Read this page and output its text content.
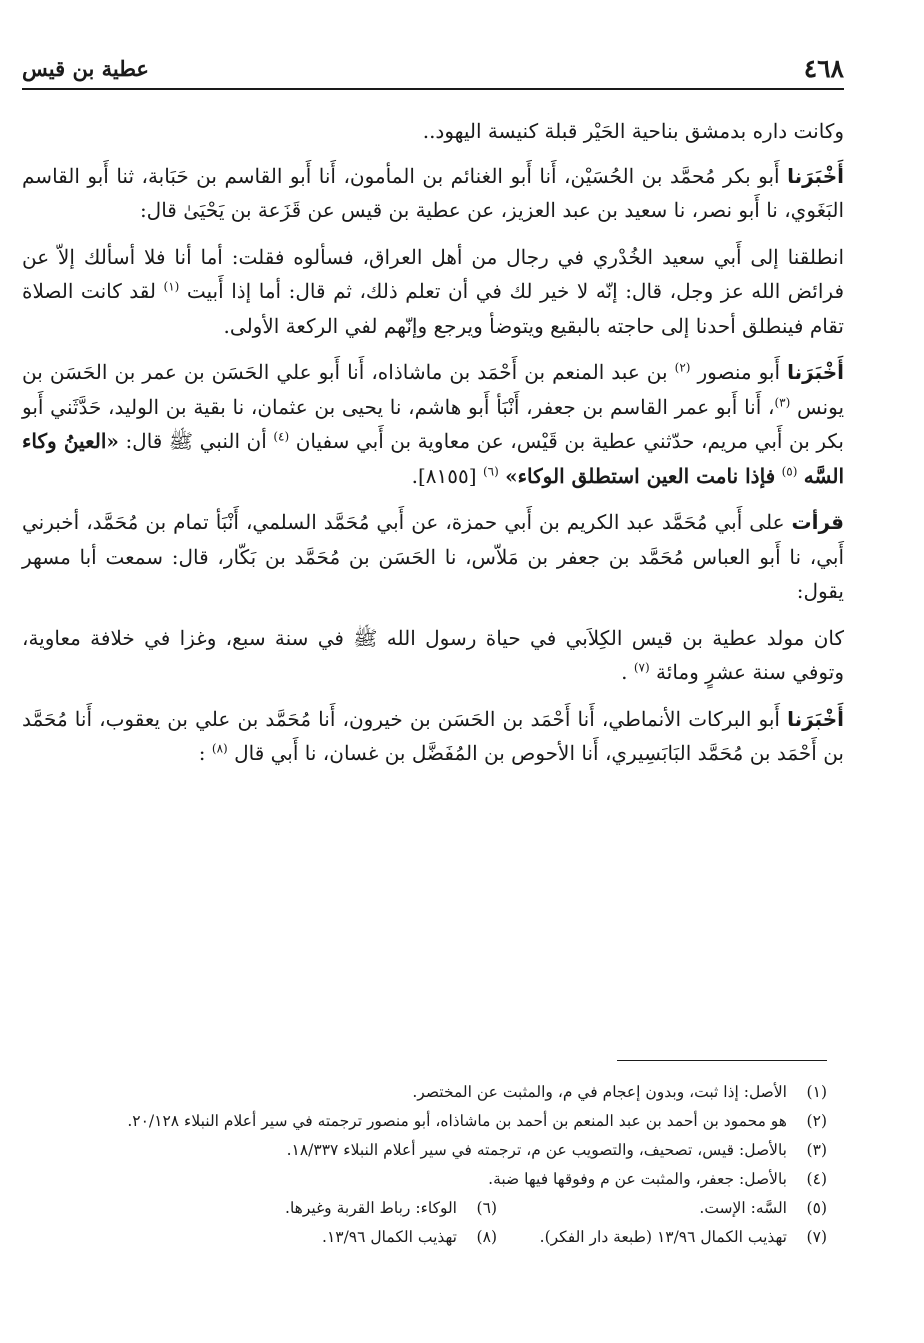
٤٦٨
عطية بن قيس

وكانت داره بدمشق بناحية الحَيْر قبلة كنيسة اليهود..

أَخْبَرَنا أَبو بكر مُحمَّد بن الحُسَيْن، أَنا أَبو الغنائم بن المأمون، أَنا أَبو القاسم بن حَبَابة، ثنا أَبو القاسم البَغَوي، نا أَبو نصر، نا سعيد بن عبد العزيز، عن عطية بن قيس عن قَزَعة بن يَحْيَىٰ قال:

انطلقنا إلى أَبي سعيد الخُدْري في رجال من أهل العراق، فسألوه فقلت: أما أنا فلا أسألك إلاّ عن فرائض الله عز وجل، قال: إنّه لا خير لك في أن تعلم ذلك، ثم قال: أما إذا أَبيت $^{(١)}$ لقد كانت الصلاة تقام فينطلق أحدنا إلى حاجته بالبقيع ويتوضأ ويرجع وإنّهم لفي الركعة الأولى.

أَخْبَرَنا أَبو منصور $^{(٢)}$ بن عبد المنعم بن أَحْمَد بن ماشاذاه، أَنا أَبو علي الحَسَن بن عمر بن الحَسَن بن يونس $^{(٣)}$، أَنا أَبو عمر القاسم بن جعفر، أَنْبَأ أَبو هاشم، نا يحيى بن عثمان، نا بقية بن الوليد، حَدَّثَني أَبو بكر بن أَبي مريم، حدّثني عطية بن قَيْس، عن معاوية بن أَبي سفيان $^{(٤)}$ أن النبي ﷺ قال: «العينُ وكاء السَّه $^{(٥)}$ فإذا نامت العين استطلق الوكاء» $^{(٦)}$ [٨١٥٥].

قرأت على أَبي مُحَمَّد عبد الكريم بن أَبي حمزة، عن أَبي مُحَمَّد السلمي، أَنْبَأ تمام بن مُحَمَّد، أخبرني أَبي، نا أَبو العباس مُحَمَّد بن جعفر بن مَلاّس، نا الحَسَن بن مُحَمَّد بن بَكّار، قال: سمعت أبا مسهر يقول:

كان مولد عطية بن قيس الكِلاَبي في حياة رسول الله ﷺ في سنة سبع، وغزا في خلافة معاوية، وتوفي سنة عشرٍ ومائة $^{(٧)}$ .

أَخْبَرَنا أَبو البركات الأنماطي، أَنا أَحْمَد بن الحَسَن بن خيرون، أَنا مُحَمَّد بن علي بن يعقوب، أَنا مُحَمَّد بن أَحْمَد بن مُحَمَّد البَابَسِيري، أَنا الأحوص بن المُفَضَّل بن غسان، نا أَبي قال $^{(٨)}$ :

(١)
الأصل: إذا ثبت، وبدون إعجام في م، والمثبت عن المختصر.
(٢)
هو محمود بن أحمد بن عبد المنعم بن أحمد بن ماشاذاه، أبو منصور ترجمته في سير أعلام النبلاء ٢٠/١٢٨.
(٣)
بالأصل: قيس، تصحيف، والتصويب عن م، ترجمته في سير أعلام النبلاء ١٨/٣٣٧.
(٤)
بالأصل: جعفر، والمثبت عن م وفوقها فيها ضبة.
(٥)
السَّه: الإست.
(٦)
الوكاء: رباط القربة وغيرها.
(٧)
تهذيب الكمال ١٣/٩٦ (طبعة دار الفكر).
(٨)
تهذيب الكمال ١٣/٩٦.
